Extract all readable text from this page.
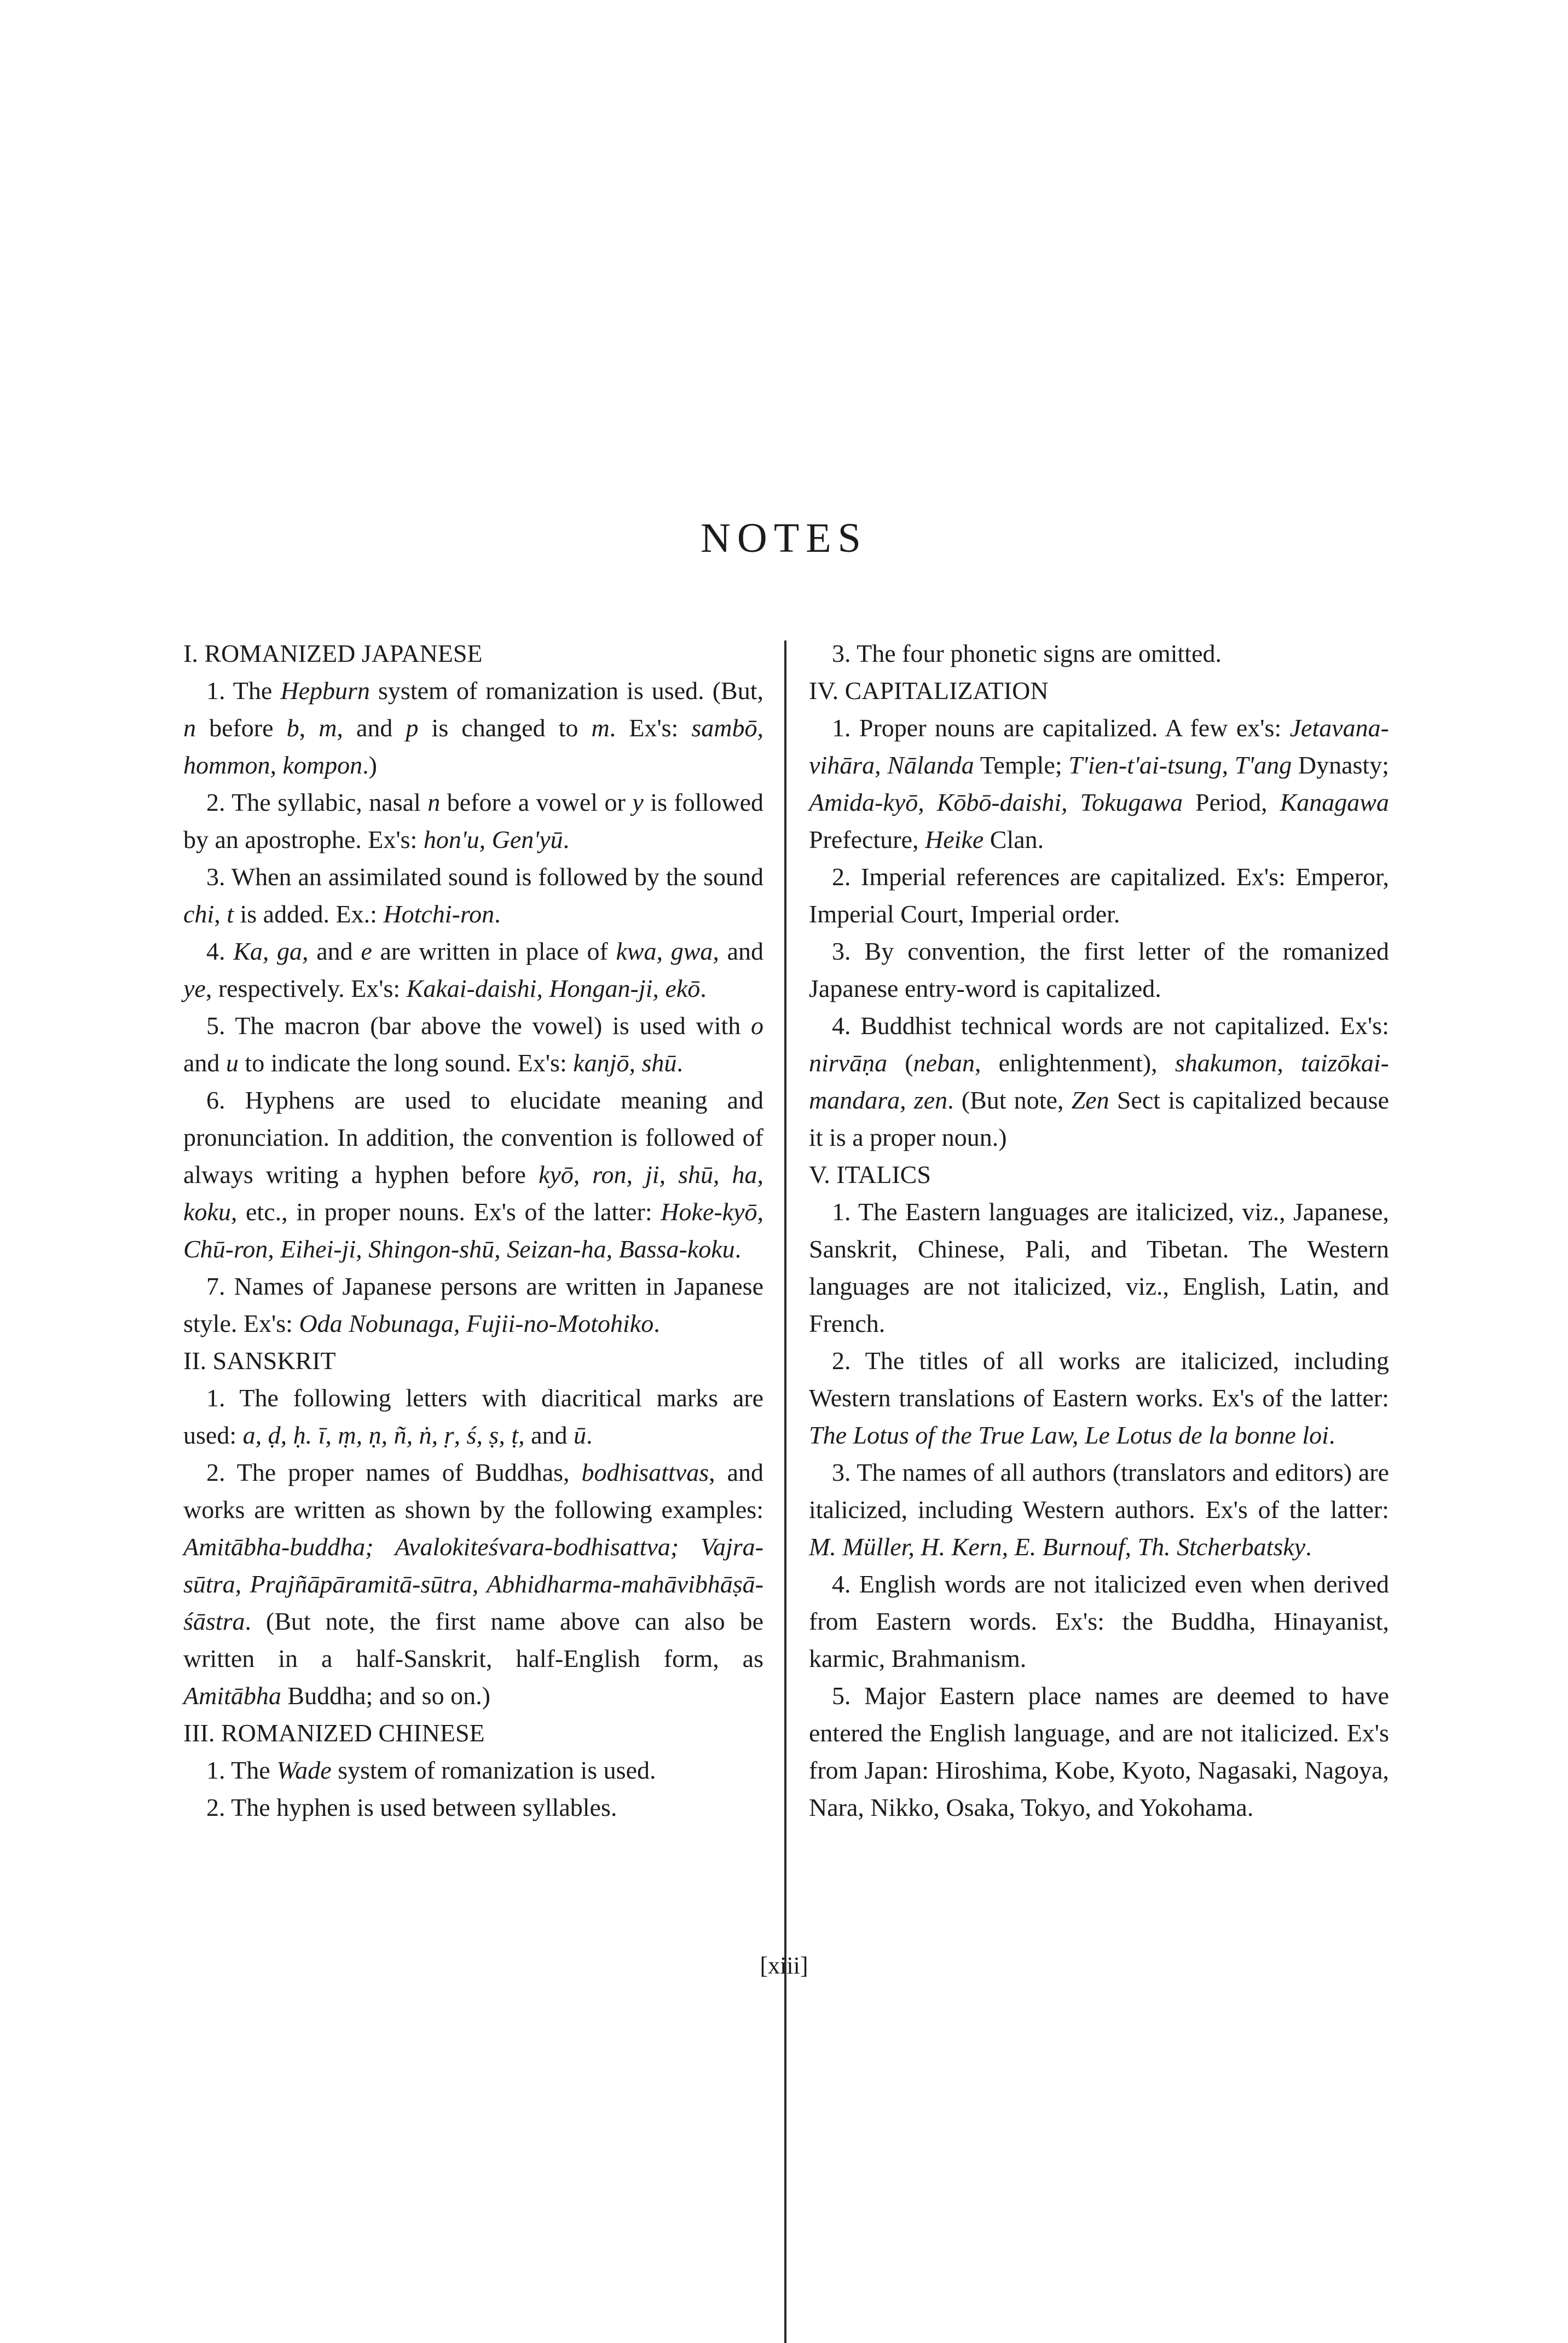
NOTES

I. ROMANIZED JAPANESE

1. The Hepburn system of romanization is used. (But, n before b, m, and p is changed to m. Ex's: sambō, hommon, kompon.)

2. The syllabic, nasal n before a vowel or y is followed by an apostrophe. Ex's: hon'u, Gen'yū.

3. When an assimilated sound is followed by the sound chi, t is added. Ex.: Hotchi-ron.

4. Ka, ga, and e are written in place of kwa, gwa, and ye, respectively. Ex's: Kakai-daishi, Hongan-ji, ekō.

5. The macron (bar above the vowel) is used with o and u to indicate the long sound. Ex's: kanjō, shū.

6. Hyphens are used to elucidate meaning and pronunciation. In addition, the convention is followed of always writing a hyphen before kyō, ron, ji, shū, ha, koku, etc., in proper nouns. Ex's of the latter: Hoke-kyō, Chū-ron, Eihei-ji, Shingon-shū, Seizan-ha, Bassa-koku.

7. Names of Japanese persons are written in Japanese style. Ex's: Oda Nobunaga, Fujii-no-Motohiko.

II. SANSKRIT

1. The following letters with diacritical marks are used: a, ḍ, ḥ. ī, ṃ, ṇ, ñ, ṅ, ṛ, ś, ṣ, ṭ, and ū.

2. The proper names of Buddhas, bodhisattvas, and works are written as shown by the following examples: Amitābha-buddha; Avalokiteśvara-bodhisattva; Vajra-sūtra, Prajñāpāramitā-sūtra, Abhidharma-mahāvibhāṣā-śāstra. (But note, the first name above can also be written in a half-Sanskrit, half-English form, as Amitābha Buddha; and so on.)

III. ROMANIZED CHINESE

1. The Wade system of romanization is used.

2. The hyphen is used between syllables.

3. The four phonetic signs are omitted.

IV. CAPITALIZATION

1. Proper nouns are capitalized. A few ex's: Jetavana-vihāra, Nālanda Temple; T'ien-t'ai-tsung, T'ang Dynasty; Amida-kyō, Kōbō-daishi, Tokugawa Period, Kanagawa Prefecture, Heike Clan.

2. Imperial references are capitalized. Ex's: Emperor, Imperial Court, Imperial order.

3. By convention, the first letter of the romanized Japanese entry-word is capitalized.

4. Buddhist technical words are not capitalized. Ex's: nirvāṇa (neban, enlightenment), shakumon, taizōkai-mandara, zen. (But note, Zen Sect is capitalized because it is a proper noun.)

V. ITALICS

1. The Eastern languages are italicized, viz., Japanese, Sanskrit, Chinese, Pali, and Tibetan. The Western languages are not italicized, viz., English, Latin, and French.

2. The titles of all works are italicized, including Western translations of Eastern works. Ex's of the latter: The Lotus of the True Law, Le Lotus de la bonne loi.

3. The names of all authors (translators and editors) are italicized, including Western authors. Ex's of the latter: M. Müller, H. Kern, E. Burnouf, Th. Stcherbatsky.

4. English words are not italicized even when derived from Eastern words. Ex's: the Buddha, Hinayanist, karmic, Brahmanism.

5. Major Eastern place names are deemed to have entered the English language, and are not italicized. Ex's from Japan: Hiroshima, Kobe, Kyoto, Nagasaki, Nagoya, Nara, Nikko, Osaka, Tokyo, and Yokohama.

[xiii]
